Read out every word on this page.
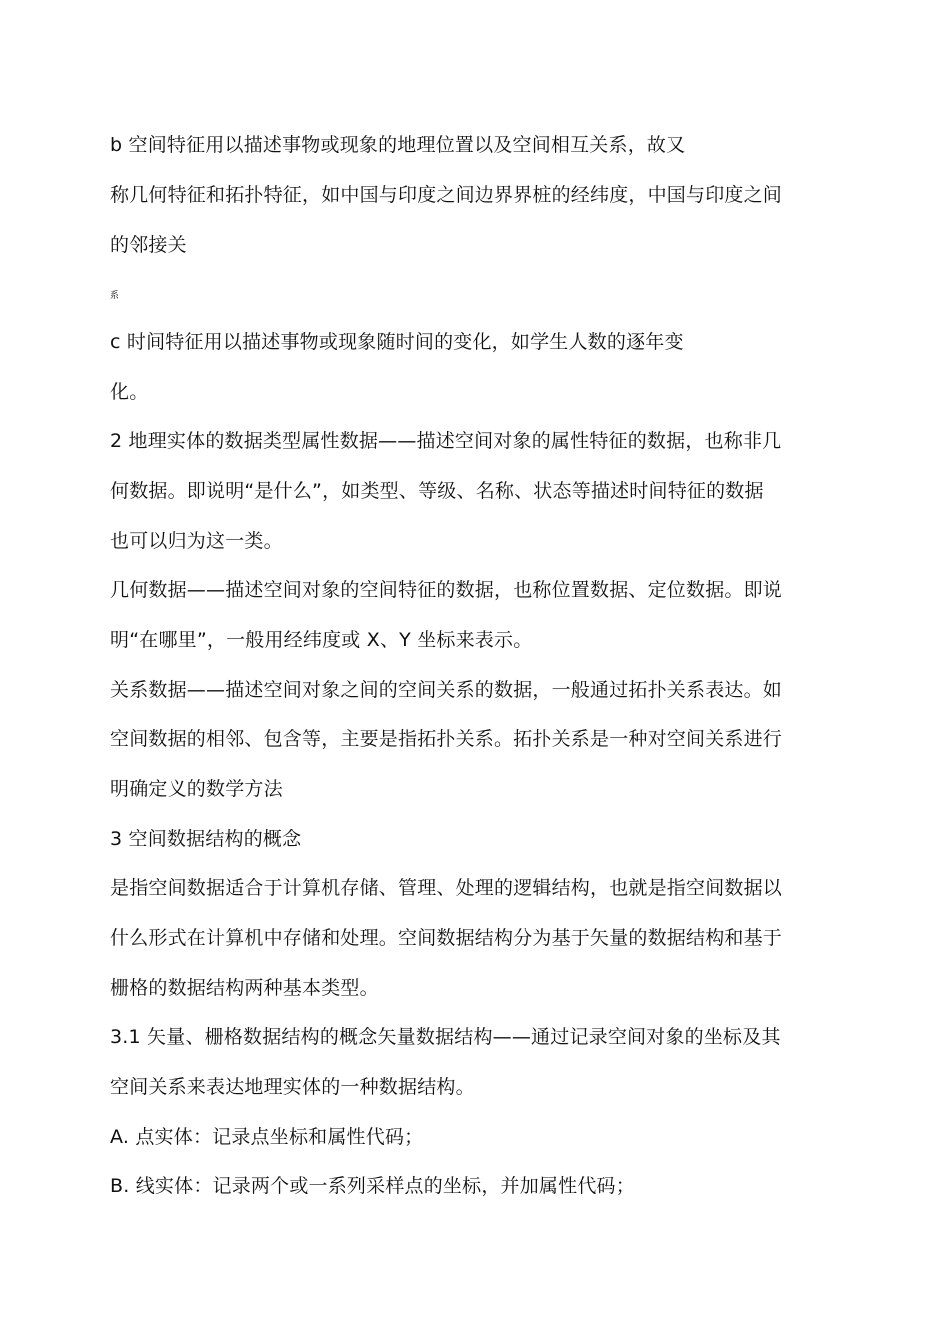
b 空间特征用以描述事物或现象的地理位置以及空间相互关系，故又
称几何特征和拓扑特征，如中国与印度之间边界界桩的经纬度，中国与印度之间
的邻接关
系
c 时间特征用以描述事物或现象随时间的变化，如学生人数的逐年变
化。
2 地理实体的数据类型属性数据——描述空间对象的属性特征的数据，也称非几
何数据。即说明“是什么”，如类型、等级、名称、状态等描述时间特征的数据
也可以归为这一类。
几何数据——描述空间对象的空间特征的数据，也称位置数据、定位数据。即说
明“在哪里”，一般用经纬度或 X、Y 坐标来表示。
关系数据——描述空间对象之间的空间关系的数据，一般通过拓扑关系表达。如
空间数据的相邻、包含等，主要是指拓扑关系。拓扑关系是一种对空间关系进行
明确定义的数学方法
3 空间数据结构的概念
是指空间数据适合于计算机存储、管理、处理的逻辑结构，也就是指空间数据以
什么形式在计算机中存储和处理。空间数据结构分为基于矢量的数据结构和基于
栅格的数据结构两种基本类型。
3.1 矢量、栅格数据结构的概念矢量数据结构——通过记录空间对象的坐标及其
空间关系来表达地理实体的一种数据结构。
A. 点实体：记录点坐标和属性代码；
B. 线实体：记录两个或一系列采样点的坐标，并加属性代码；
